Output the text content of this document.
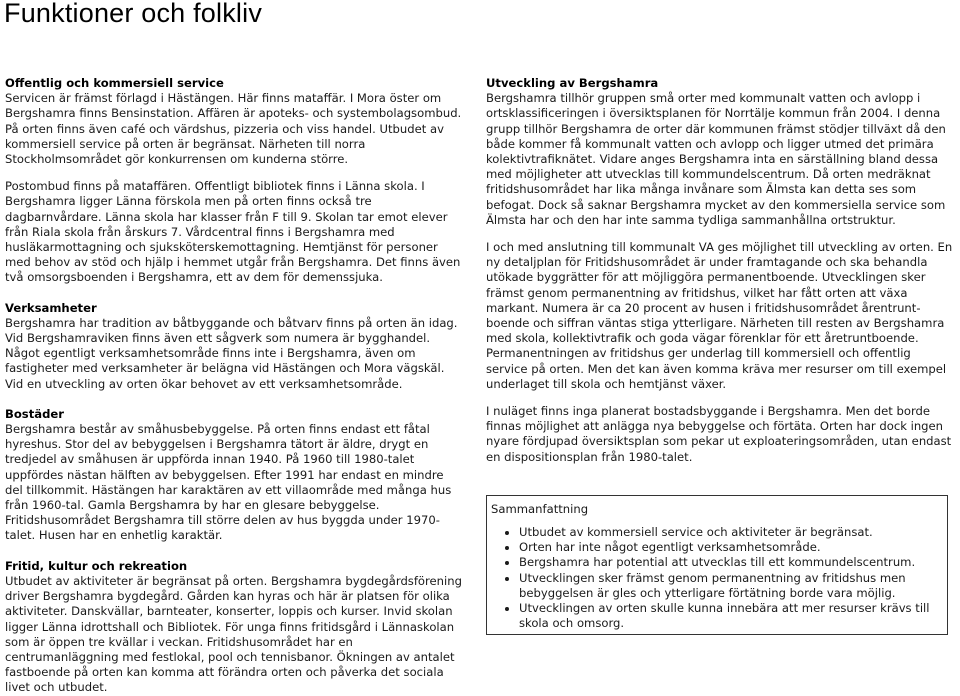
Funktioner och folkliv
Offentlig och kommersiell service

Servicen är främst förlagd i Hästängen. Här finns mataffär. I Mora öster om Bergshamra finns Bensinstation. Affären är apoteks- och systembolagsombud. På orten finns även café och värdshus, pizzeria och viss handel. Utbudet av kommersiell service på orten är begränsat. Närheten till norra Stockholmsområdet gör konkurrensen om kunderna större.

Postombud finns på mataffären. Offentligt bibliotek finns i Länna skola. I Bergshamra ligger Länna förskola men på orten finns också tre dagbarnvårdare. Länna skola har klasser från F till 9. Skolan tar emot elever från Riala skola från årskurs 7. Vårdcentral finns i Bergshamra med husläkarmottagning och sjuksköterskemottagning. Hemtjänst för personer med behov av stöd och hjälp i hemmet utgår från Bergshamra. Det finns även två omsorgsboenden i Bergshamra, ett av dem för demenssjuka.

Verksamheter

Bergshamra har tradition av båtbyggande och båtvarv finns på orten än idag. Vid Bergshamraviken finns även ett sågverk som numera är bygghandel. Något egentligt verksamhetsområde finns inte i Bergshamra, även om fastigheter med verksamheter är belägna vid Hästängen och Mora vägskäl. Vid en utveckling av orten ökar behovet av ett verksamhetsområde.

Bostäder

Bergshamra består av småhusbebyggelse. På orten finns endast ett fåtal hyreshus. Stor del av bebyggelsen i Bergshamra tätort är äldre, drygt en tredjedel av småhusen är uppförda innan 1940. På 1960 till 1980-talet uppfördes nästan hälften av bebyggelsen. Efter 1991 har endast en mindre del tillkommit. Hästängen har karaktären av ett villaområde med många hus från 1960-tal. Gamla Bergshamra by har en glesare bebyggelse. Fritidshusområdet Bergshamra till större delen av hus byggda under 1970-talet. Husen har en enhetlig karaktär.

Fritid, kultur och rekreation

Utbudet av aktiviteter är begränsat på orten. Bergshamra bygdegårdsförening driver Bergshamra bygdegård. Gården kan hyras och här är platsen för olika aktiviteter. Danskvällar, barnteater, konserter, loppis och kurser. Invid skolan ligger Länna idrottshall och Bibliotek. För unga finns fritidsgård i Lännaskolan som är öppen tre kvällar i veckan. Fritidshusområdet har en centrumanläggning med festlokal, pool och tennisbanor. Ökningen av antalet fastboende på orten kan komma att förändra orten och påverka det sociala livet och utbudet.

Utveckling av Bergshamra

Bergshamra tillhör gruppen små orter med kommunalt vatten och avlopp i ortsklassificeringen i översiktsplanen för Norrtälje kommun från 2004. I denna grupp tillhör Bergshamra de orter där kommunen främst stödjer tillväxt då den både kommer få kommunalt vatten och avlopp och ligger utmed det primära kolektivtrafiknätet. Vidare anges Bergshamra inta en särställning bland dessa med möjligheter att utvecklas till kommundelscentrum. Då orten medräknat fritidshusområdet har lika många invånare som Älmsta kan detta ses som befogat. Dock så saknar Bergshamra mycket av den kommersiella service som Älmsta har och den har inte samma tydliga sammanhållna ortstruktur.

I och med anslutning till kommunalt VA ges möjlighet till utveckling av orten. En ny detaljplan för Fritidshusområdet är under framtagande och ska behandla utökade byggrätter för att möjliggöra permanentboende. Utvecklingen sker främst genom permanentning av fritidshus, vilket har fått orten att växa markant. Numera är ca 20 procent av husen i fritidshusområdet årentrunt-boende och siffran väntas stiga ytterligare. Närheten till resten av Bergshamra med skola, kollektivtrafik och goda vägar förenklar för ett åretruntboende. Permanentningen av fritidshus ger underlag till kommersiell och offentlig service på orten. Men det kan även komma kräva mer resurser om till exempel underlaget till skola och hemtjänst växer.

I nuläget finns inga planerat bostadsbyggande i Bergshamra. Men det borde finnas möjlighet att anlägga nya bebyggelse och förtäta. Orten har dock ingen nyare fördjupad översiktsplan som pekar ut exploateringsområden, utan endast en dispositionsplan från 1980-talet.

Sammanfattning
• Utbudet av kommersiell service och aktiviteter är begränsat.
• Orten har inte något egentligt verksamhetsområde.
• Bergshamra har potential att utvecklas till ett kommundelscentrum.
• Utvecklingen sker främst genom permanentning av fritidshus men bebyggelsen är gles och ytterligare förtätning borde vara möjlig.
• Utvecklingen av orten skulle kunna innebära att mer resurser krävs till skola och omsorg.
